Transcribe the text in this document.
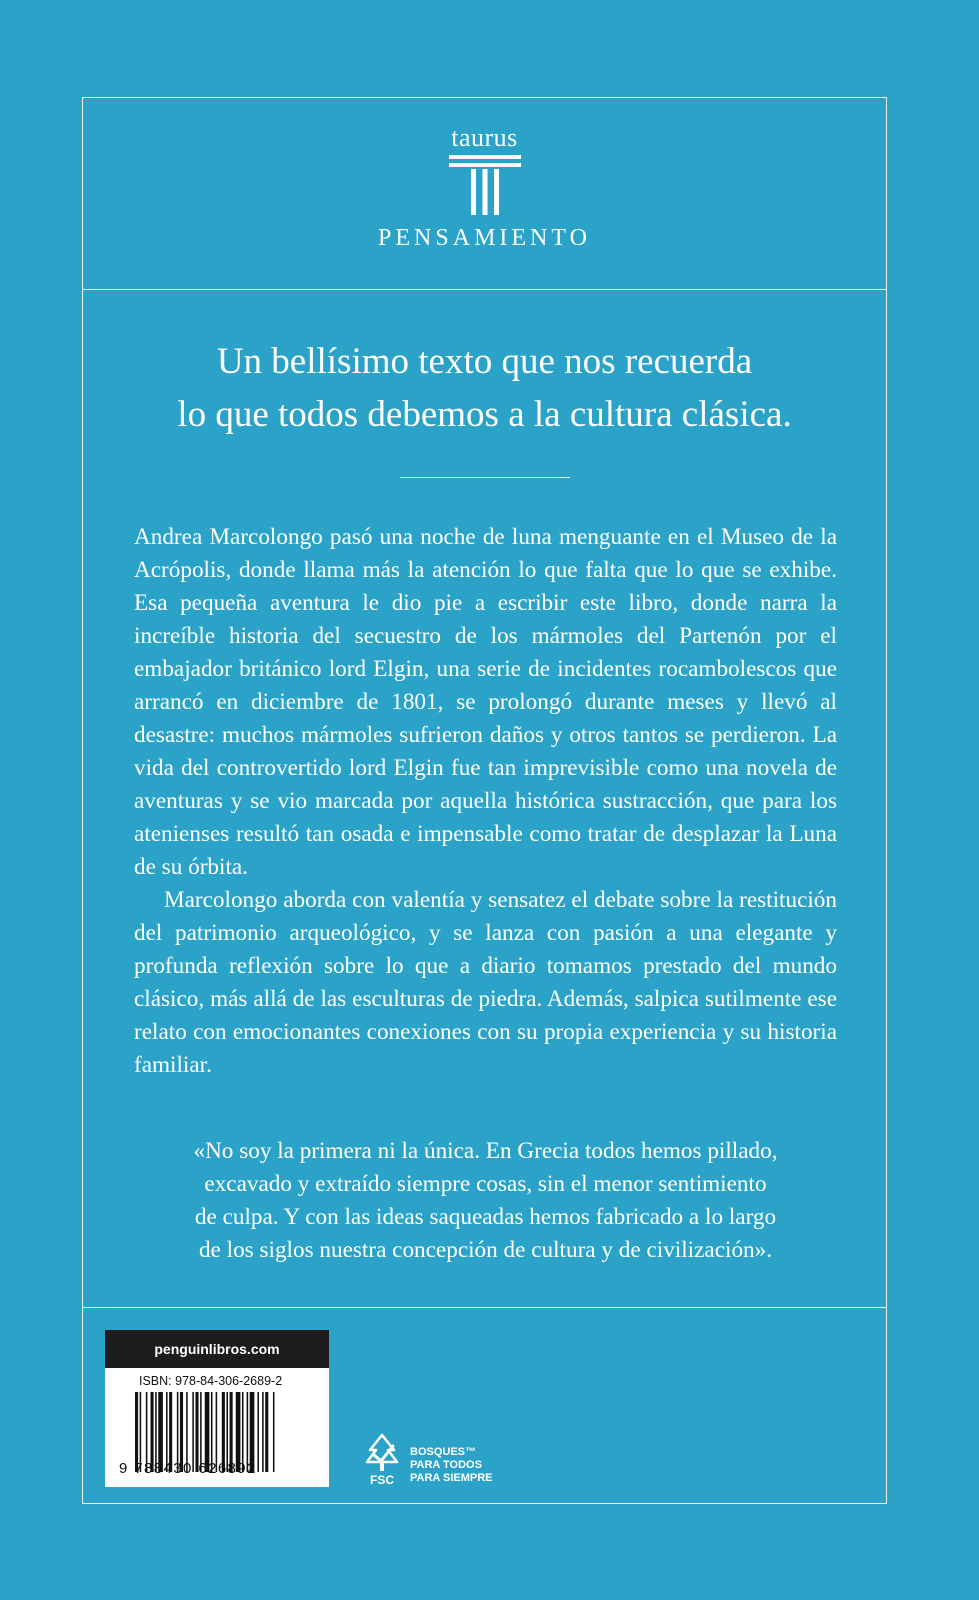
taurus
PENSAMIENTO
Un bellísimo texto que nos recuerda
lo que todos debemos a la cultura clásica.

Andrea Marcolongo pasó una noche de luna menguante en el Museo de la Acrópolis, donde llama más la atención lo que falta que lo que se exhibe. Esa pequeña aventura le dio pie a escribir este libro, donde narra la increíble historia del secuestro de los mármoles del Partenón por el embajador británico lord Elgin, una serie de incidentes rocambolescos que arrancó en diciembre de 1801, se prolongó durante meses y llevó al desastre: muchos mármoles sufrieron daños y otros tantos se perdieron. La vida del controvertido lord Elgin fue tan imprevisible como una novela de aventuras y se vio marcada por aquella histórica sustracción, que para los atenienses resultó tan osada e impensable como tratar de desplazar la Luna de su órbita.

Marcolongo aborda con valentía y sensatez el debate sobre la restitución del patrimonio arqueológico, y se lanza con pasión a una elegante y profunda reflexión sobre lo que a diario tomamos prestado del mundo clásico, más allá de las esculturas de piedra. Además, salpica sutilmente ese relato con emocionantes conexiones con su propia experiencia y su historia familiar.

«No soy la primera ni la única. En Grecia todos hemos pillado,
excavado y extraído siempre cosas, sin el menor sentimiento
de culpa. Y con las ideas saqueadas hemos fabricado a lo largo
de los siglos nuestra concepción de cultura y de civilización».
penguinlibros.com
ISBN: 978-84-306-2689-2
9 788430 626892
FSC
BOSQUES™
PARA TODOS
PARA SIEMPRE
